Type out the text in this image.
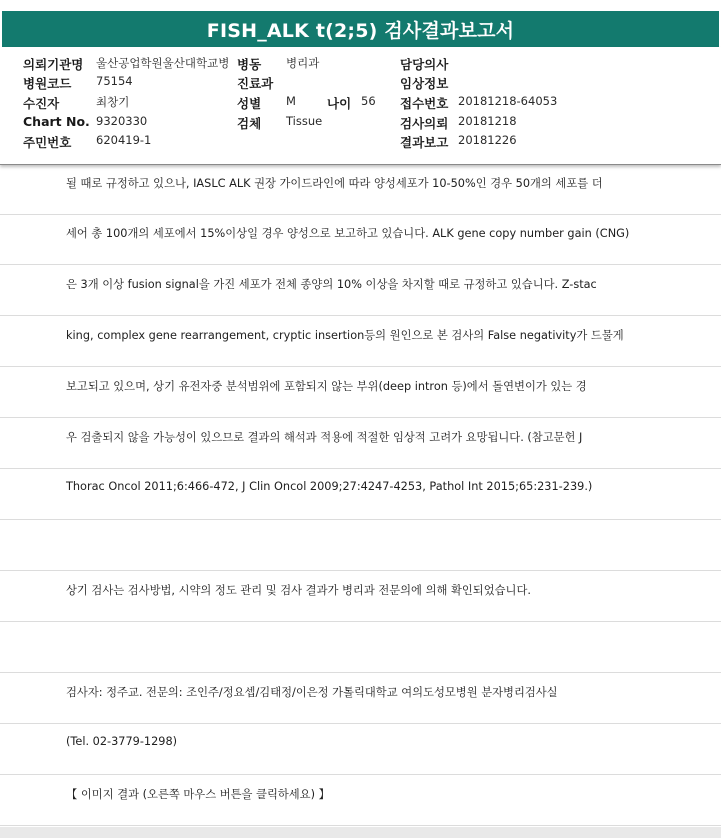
FISH_ALK t(2;5) 검사결과보고서
의뢰기관명 울산공업학원울산대학교병 병동 병리과	담당의사
병원코드 75154	진료과	임상정보
수진자	최창기	성별 M 나이 56 접수번호 20181218-64053
Chart No. 9320330	검체 Tissue	검사의뢰 20181218
주민번호 620419-1	결과보고 20181226
될 때로 규정하고 있으나, IASLC ALK 권장 가이드라인에 따라 양성세포가 10-50%인 경우 50개의 세포를 더
세어 총 100개의 세포에서 15%이상일 경우 양성으로 보고하고 있습니다. ALK gene copy number gain (CNG)
은 3개 이상 fusion signal을 가진 세포가 전체 종양의 10% 이상을 차지할 때로 규정하고 있습니다. Z-stac
king, complex gene rearrangement, cryptic insertion등의 원인으로 본 검사의 False negativity가 드물게
보고되고 있으며, 상기 유전자중 분석범위에 포함되지 않는 부위(deep intron 등)에서 돌연변이가 있는 경
우 검출되지 않을 가능성이 있으므로 결과의 해석과 적용에 적절한 임상적 고려가 요망됩니다. (참고문헌 J
Thorac Oncol 2011;6:466-472, J Clin Oncol 2009;27:4247-4253, Pathol Int 2015;65:231-239.)
상기 검사는 검사방법, 시약의 정도 관리 및 검사 결과가 병리과 전문의에 의해 확인되었습니다.
검사자: 정주교. 전문의: 조인주/정요셉/김태정/이은정 가톨릭대학교 여의도성모병원 분자병리검사실
(Tel. 02-3779-1298)
【 이미지 결과 (오른쪽 마우스 버튼을 클릭하세요) 】
